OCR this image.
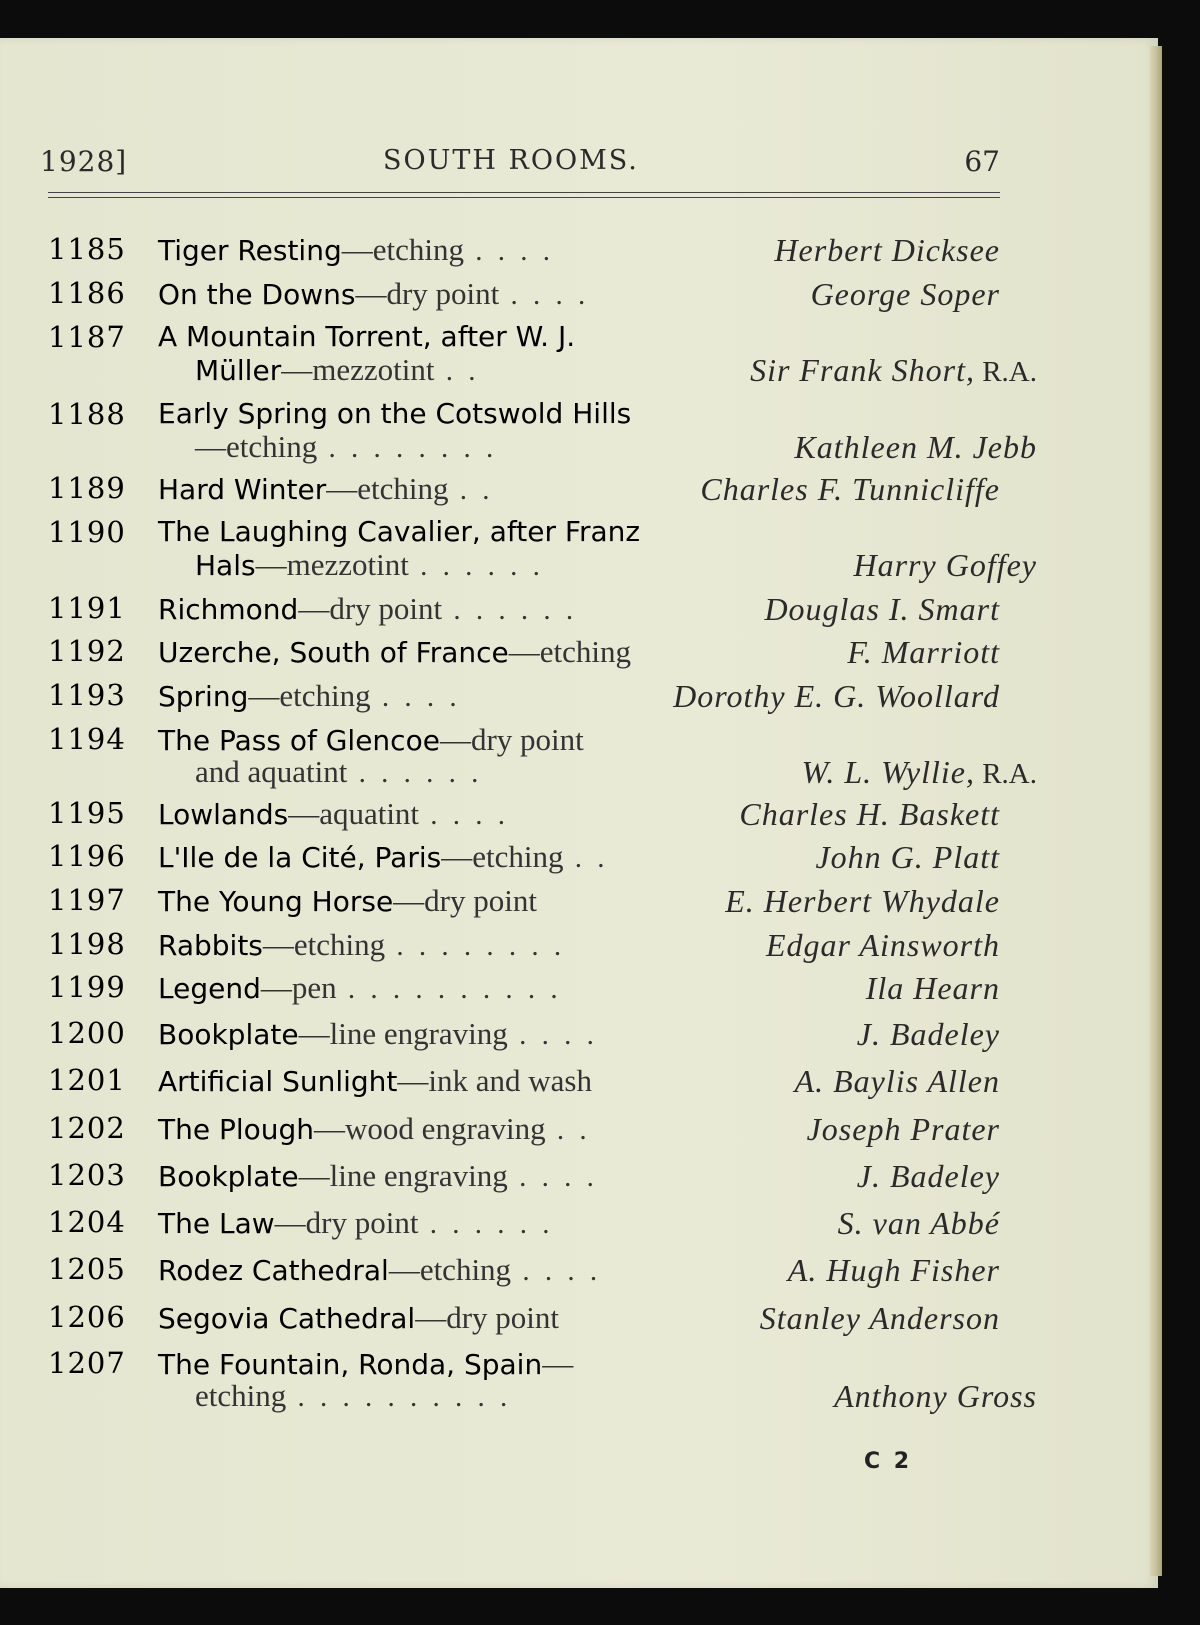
1928]	SOUTH ROOMS.	67
1185 Tiger Resting—etching . . . .	Herbert Dicksee
1186 On the Downs—dry point . . . .	George Soper
1187 A Mountain Torrent, after W. J.
Müller—mezzotint . .	Sir Frank Short, R.A.
1188 Early Spring on the Cotswold Hills
—etching . . . . . . . .	Kathleen M. Jebb
1189 Hard Winter—etching . .	Charles F. Tunnicliffe
1190 The Laughing Cavalier, after Franz
Hals—mezzotint . . . . . .	Harry Goffey
1191 Richmond—dry point . . . . . .	Douglas I. Smart
1192 Uzerche, South of France—etching	F. Marriott
1193 Spring—etching . . . .	Dorothy E. G. Woollard
1194 The Pass of Glencoe—dry point
and aquatint . . . . . .	W. L. Wyllie, R.A.
1195 Lowlands—aquatint . . . .	Charles H. Baskett
1196 L'Ile de la Cité, Paris—etching . .	John G. Platt
1197 The Young Horse—dry point	E. Herbert Whydale
1198 Rabbits—etching . . . . . . . .	Edgar Ainsworth
1199 Legend—pen . . . . . . . . . .	Ila Hearn
1200 Bookplate—line engraving . . . .	J. Badeley
1201 Artificial Sunlight—ink and wash	A. Baylis Allen
1202 The Plough—wood engraving . .	Joseph Prater
1203 Bookplate—line engraving . . . .	J. Badeley
1204 The Law—dry point . . . . . .	S. van Abbé
1205 Rodez Cathedral—etching . . . .	A. Hugh Fisher
1206 Segovia Cathedral—dry point	Stanley Anderson
1207 The Fountain, Ronda, Spain—
etching . . . . . . . . . .	Anthony Gross
C 2
